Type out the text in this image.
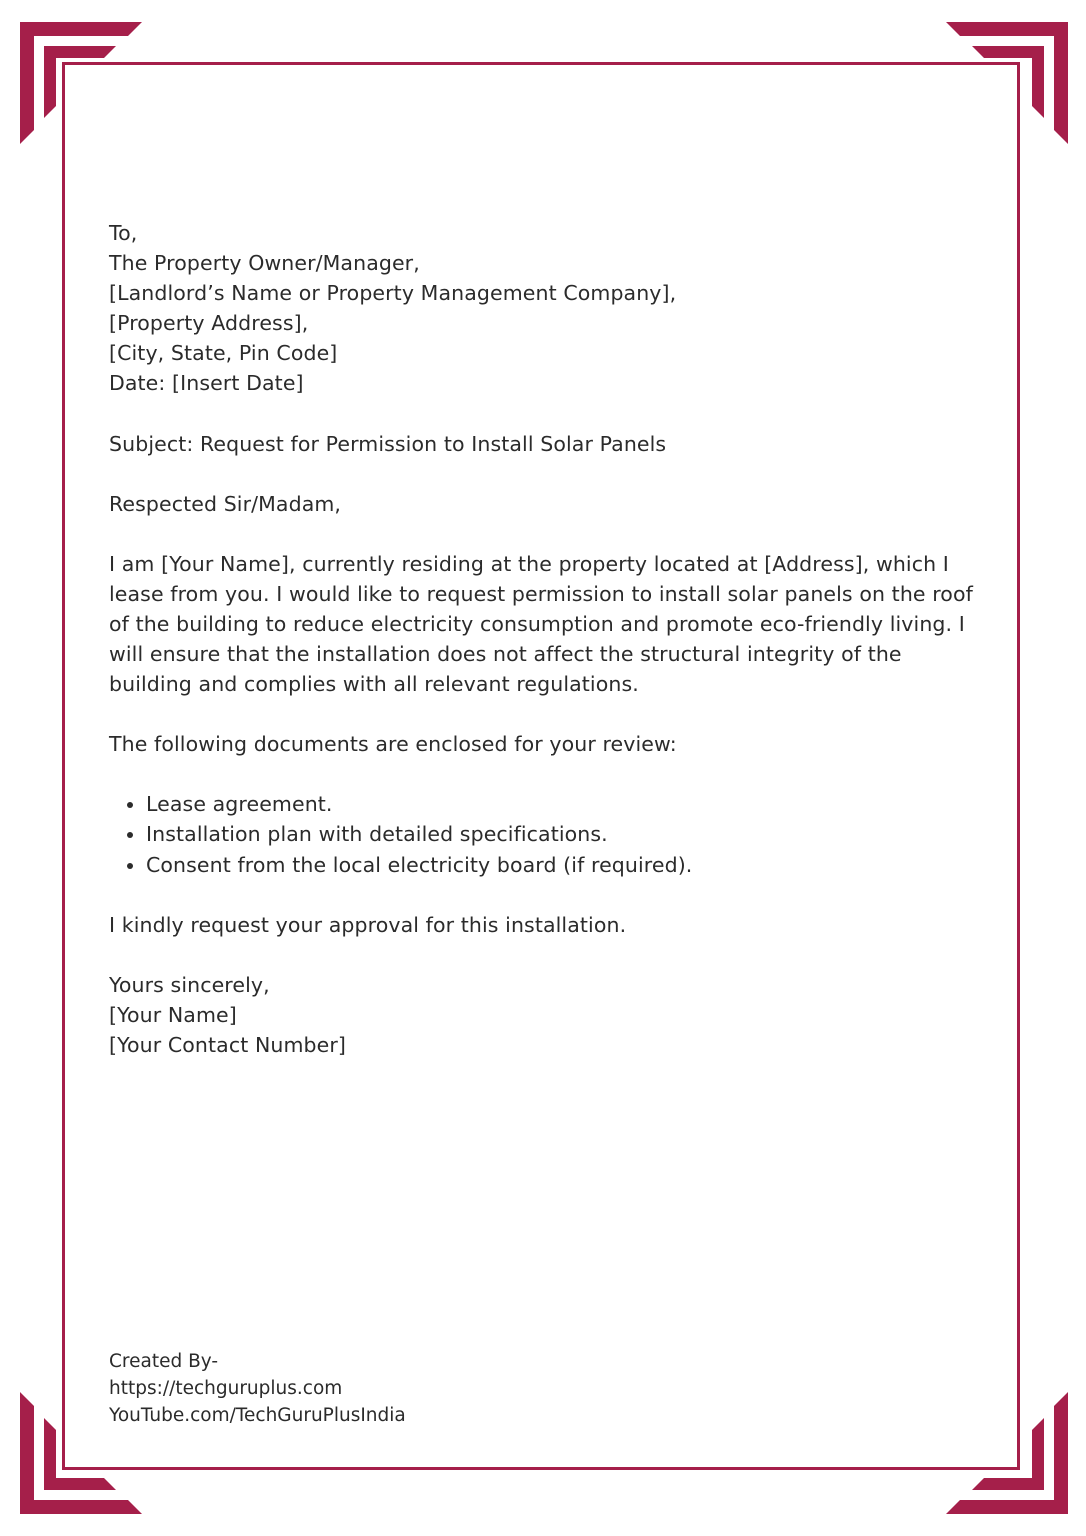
To,
The Property Owner/Manager,
[Landlord’s Name or Property Management Company],
[Property Address],
[City, State, Pin Code]
Date: [Insert Date]

Subject: Request for Permission to Install Solar Panels

Respected Sir/Madam,

I am [Your Name], currently residing at the property located at [Address], which I lease from you. I would like to request permission to install solar panels on the roof of the building to reduce electricity consumption and promote eco-friendly living. I will ensure that the installation does not affect the structural integrity of the building and complies with all relevant regulations.

The following documents are enclosed for your review:

• Lease agreement.
• Installation plan with detailed specifications.
• Consent from the local electricity board (if required).

I kindly request your approval for this installation.

Yours sincerely,
[Your Name]
[Your Contact Number]

Created By-
https://techguruplus.com
YouTube.com/TechGuruPlusIndia
